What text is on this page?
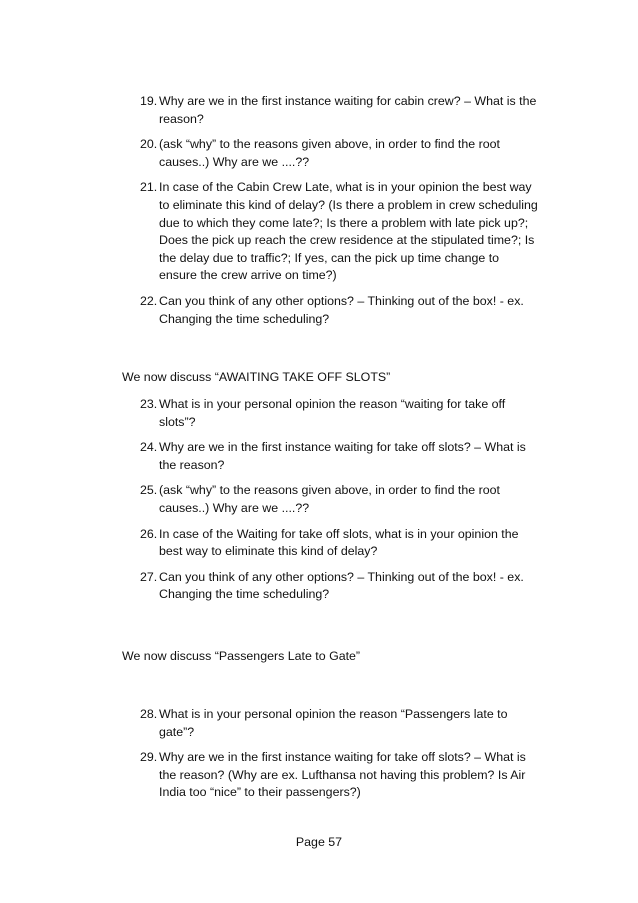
19. Why are we in the first instance waiting for cabin crew? – What is the reason?
20. (ask “why” to the reasons given above, in order to find the root causes..) Why are we ....??
21. In case of the Cabin Crew Late, what is in your opinion the best way to eliminate this kind of delay? (Is there a problem in crew scheduling due to which they come late?; Is there a problem with late pick up?; Does the pick up reach the crew residence at the stipulated time?; Is the delay due to traffic?; If yes, can the pick up time change to ensure the crew arrive on time?)
22. Can you think of any other options? – Thinking out of the box! - ex. Changing the time scheduling?
We now discuss “AWAITING TAKE OFF SLOTS”
23. What is in your personal opinion the reason “waiting for take off slots”?
24. Why are we in the first instance waiting for take off slots? – What is the reason?
25. (ask “why” to the reasons given above, in order to find the root causes..) Why are we ....??
26. In case of the Waiting for take off slots, what is in your opinion the best way to eliminate this kind of delay?
27. Can you think of any other options? – Thinking out of the box! - ex. Changing the time scheduling?
We now discuss “Passengers Late to Gate”
28. What is in your personal opinion the reason “Passengers late to gate”?
29. Why are we in the first instance waiting for take off slots? – What is the reason? (Why are ex. Lufthansa not having this problem? Is Air India too “nice” to their passengers?)
Page 57
